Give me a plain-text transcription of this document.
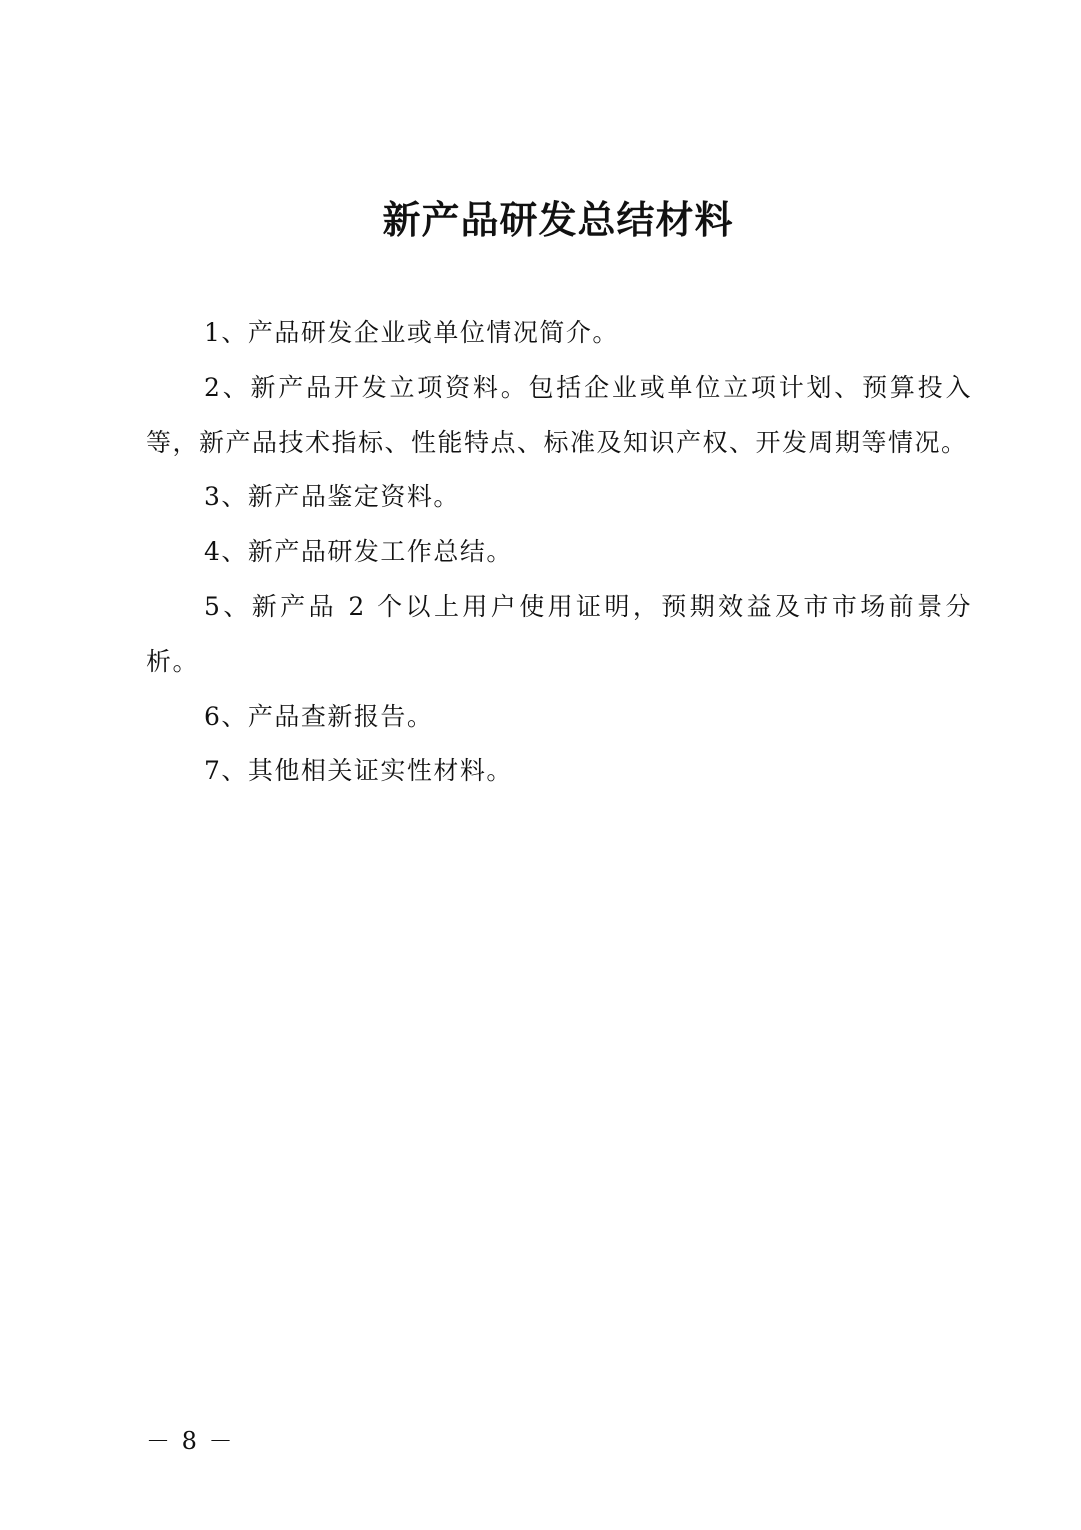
新产品研发总结材料

1、产品研发企业或单位情况简介。

2、新产品开发立项资料。包括企业或单位立项计划、预算投入等，新产品技术指标、性能特点、标准及知识产权、开发周期等情况。

3、新产品鉴定资料。

4、新产品研发工作总结。

5、新产品 2 个以上用户使用证明，预期效益及市市场前景分析。

6、产品查新报告。

7、其他相关证实性材料。

－ 8 －
